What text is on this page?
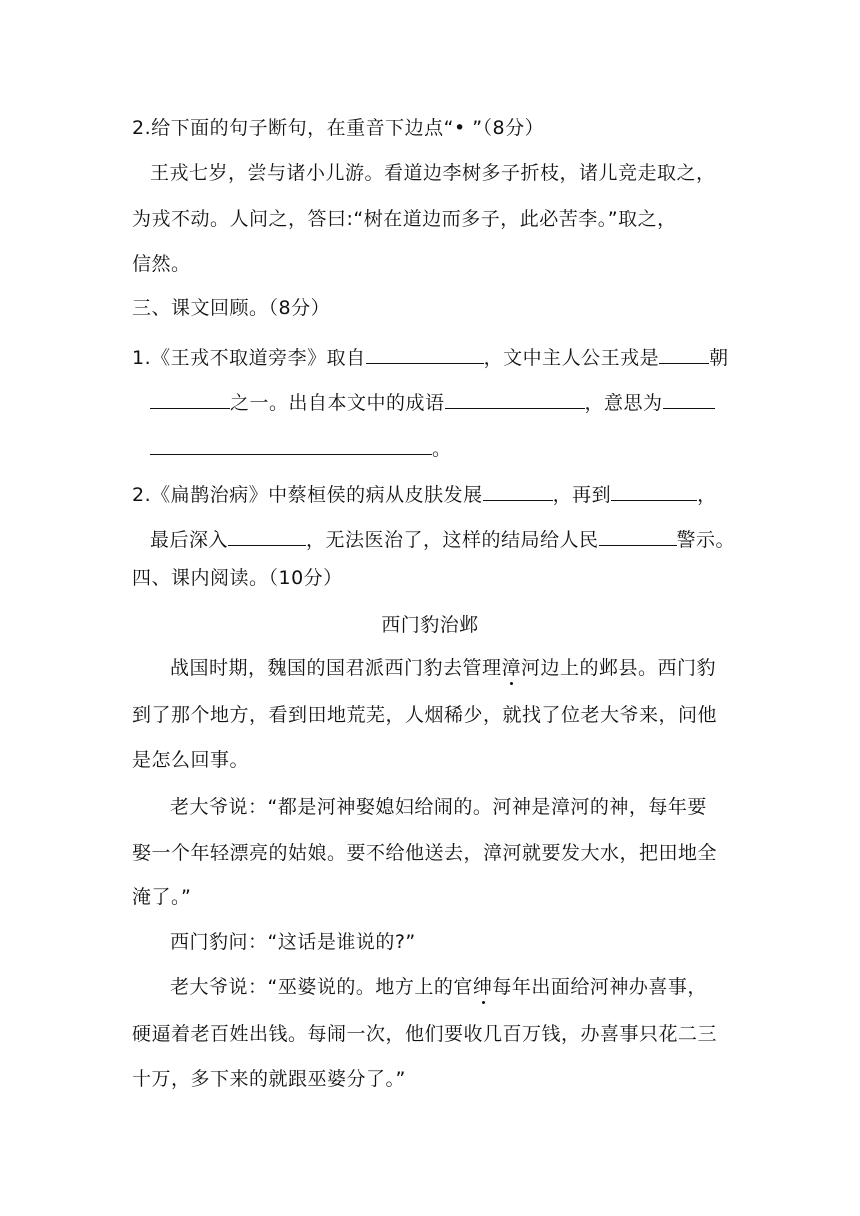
2.给下面的句子断句，在重音下边点“• ”（8分）
王戎七岁，尝与诸小儿游。看道边李树多子折枝，诸儿竞走取之，
为戎不动。人问之，答曰:“树在道边而多子，此必苦李。”取之，
信然。
三、课文回顾。（8分）
1.《王戎不取道旁李》取自	，文中主人公王戎是	朝
之一。出自本文中的成语	，意思为
。
2.《扁鹊治病》中蔡桓侯的病从皮肤发展	，再到	，
最后深入	，无法医治了，这样的结局给人民	警示。
四、课内阅读。（10分）
西门豹治邺
战国时期，魏国的国君派西门豹去管理漳河边上的邺县。西门豹
到了那个地方，看到田地荒芜，人烟稀少，就找了位老大爷来，问他
是怎么回事。
老大爷说：“都是河神娶媳妇给闹的。河神是漳河的神，每年要
娶一个年轻漂亮的姑娘。要不给他送去，漳河就要发大水，把田地全
淹了。”
西门豹问：“这话是谁说的?”
老大爷说：“巫婆说的。地方上的官绅每年出面给河神办喜事，
硬逼着老百姓出钱。每闹一次，他们要收几百万钱，办喜事只花二三
十万，多下来的就跟巫婆分了。”
